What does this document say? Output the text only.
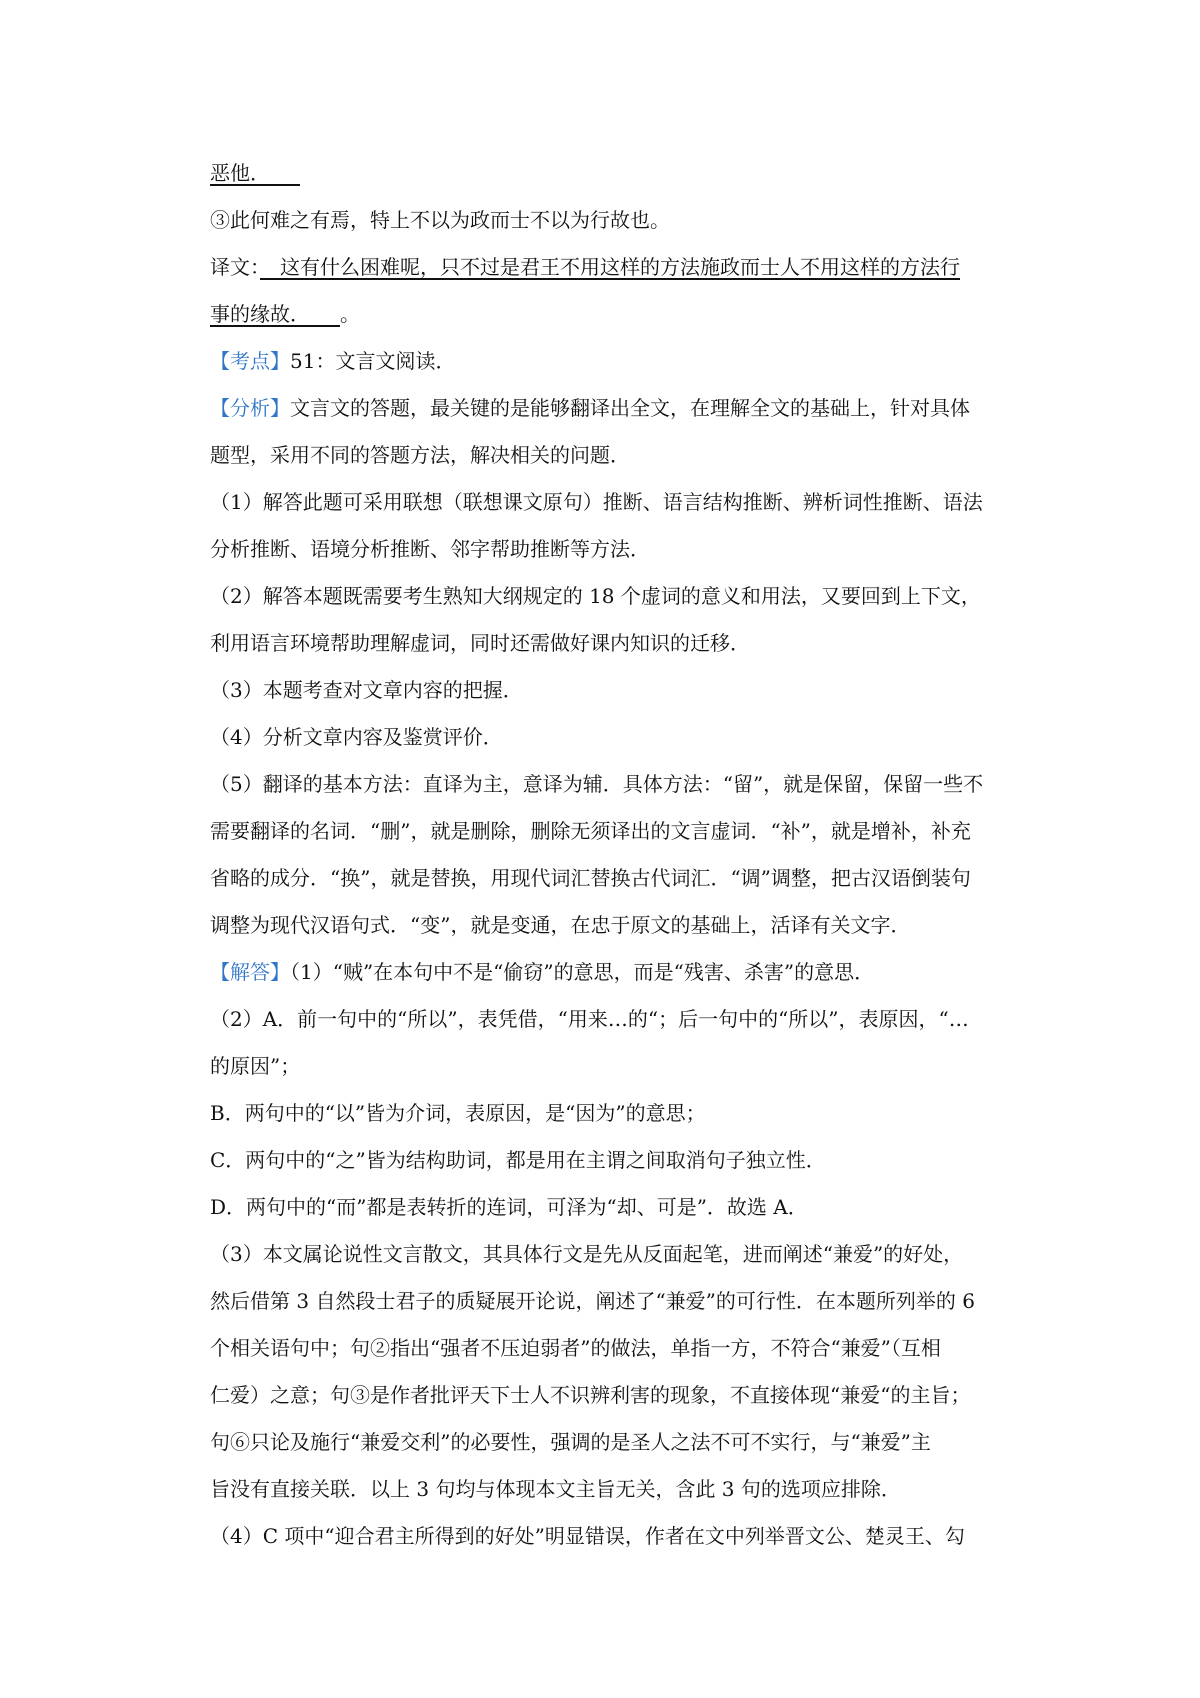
恶他．　　
③此何难之有焉，特上不以为政而士不以为行故也。
译文：　这有什么困难呢，只不过是君王不用这样的方法施政而士人不用这样的方法行
事的缘故．　　 。
【考点】51：文言文阅读．
【分析】文言文的答题，最关键的是能够翻译出全文，在理解全文的基础上，针对具体
题型，采用不同的答题方法，解决相关的问题．
（1）解答此题可采用联想（联想课文原句）推断、语言结构推断、辨析词性推断、语法
分析推断、语境分析推断、邻字帮助推断等方法．
（2）解答本题既需要考生熟知大纲规定的 18 个虚词的意义和用法，又要回到上下文，
利用语言环境帮助理解虚词，同时还需做好课内知识的迁移．
（3）本题考查对文章内容的把握．
（4）分析文章内容及鉴赏评价．
（5）翻译的基本方法：直译为主，意译为辅．具体方法：“留”，就是保留，保留一些不
需要翻译的名词．“删”，就是删除，删除无须译出的文言虚词．“补”，就是增补，补充
省略的成分．“换”，就是替换，用现代词汇替换古代词汇．“调”调整，把古汉语倒装句
调整为现代汉语句式．“变”，就是变通，在忠于原文的基础上，活译有关文字．
【解答】（1）“贼”在本句中不是“偷窃”的意思，而是“残害、杀害”的意思．
（2）A．前一句中的“所以”，表凭借，“用来…的“；后一句中的“所以”，表原因，“…
的原因”；
B．两句中的“以”皆为介词，表原因，是“因为”的意思；
C．两句中的“之”皆为结构助词，都是用在主谓之间取消句子独立性．
D．两句中的“而”都是表转折的连词，可泽为“却、可是”．故选 A．
（3）本文属论说性文言散文，其具体行文是先从反面起笔，进而阐述“兼爱”的好处，
然后借第 3 自然段士君子的质疑展开论说，阐述了“兼爱”的可行性．在本题所列举的 6
个相关语句中；句②指出“强者不压迫弱者”的做法，单指一方，不符合“兼爱”（互相
仁爱）之意；句③是作者批评天下士人不识辨利害的现象，不直接体现“兼爱“的主旨；
句⑥只论及施行“兼爱交利”的必要性，强调的是圣人之法不可不实行，与“兼爱”主
旨没有直接关联．以上 3 句均与体现本文主旨无关，含此 3 句的选项应排除．
（4）C 项中“迎合君主所得到的好处”明显错误，作者在文中列举晋文公、楚灵王、勾
